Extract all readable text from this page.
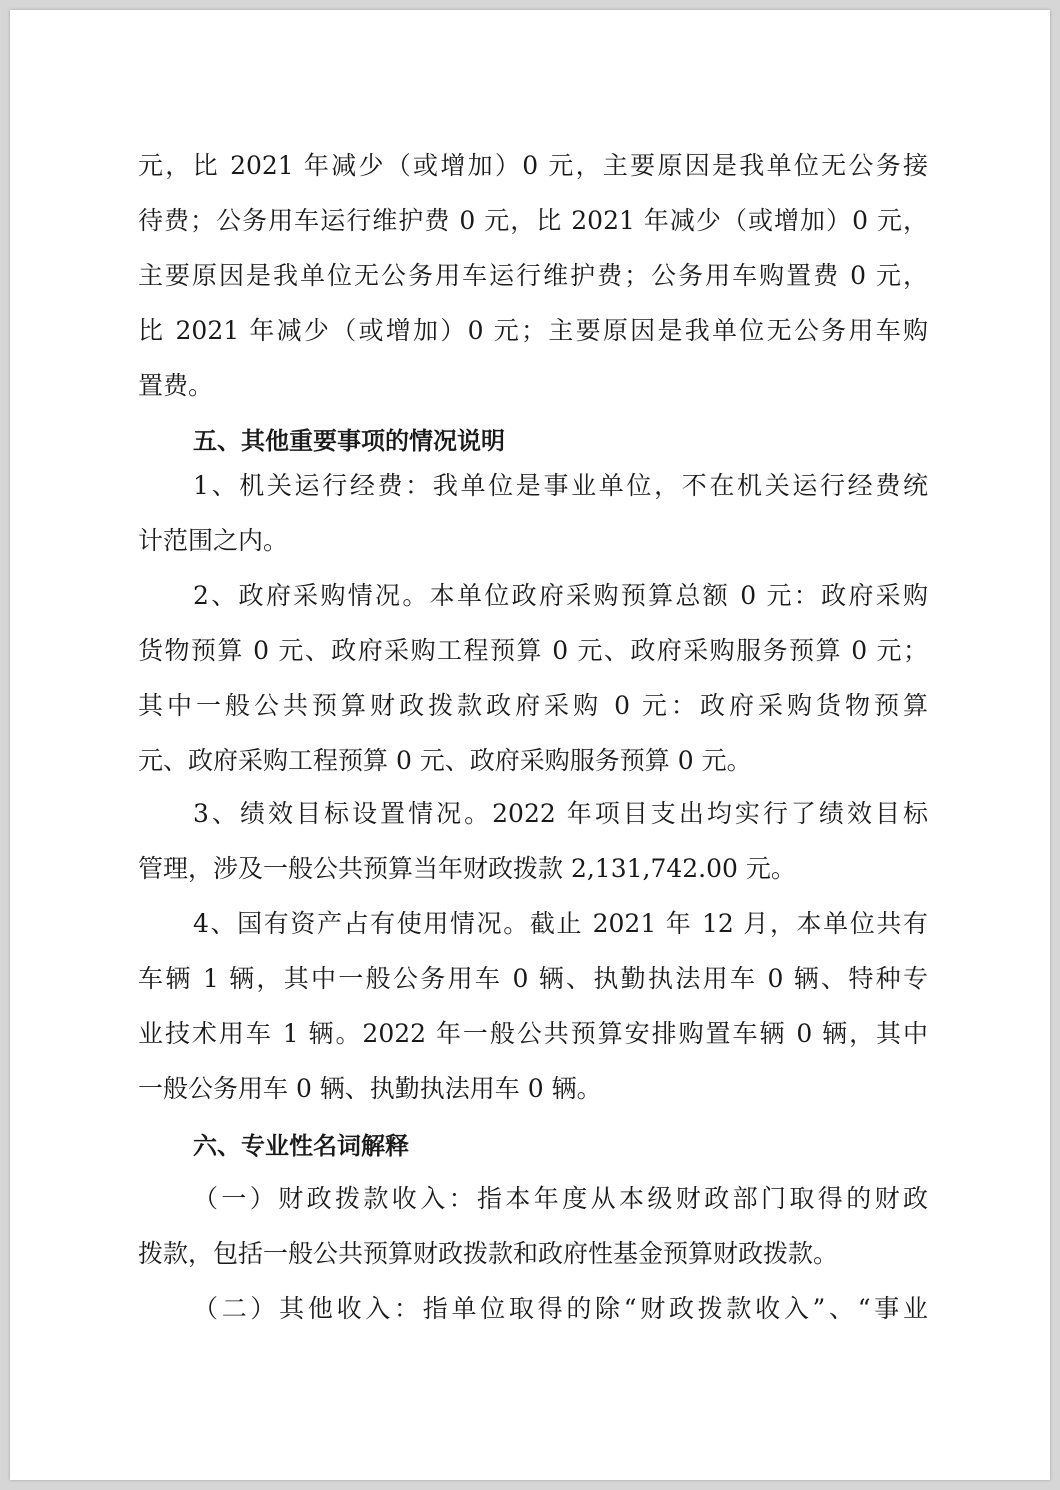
元，比 2021 年减少（或增加）0 元，主要原因是我单位无公务接
待费；公务用车运行维护费 0 元，比 2021 年减少（或增加）0 元，
主要原因是我单位无公务用车运行维护费；公务用车购置费 0 元，
比 2021 年减少（或增加）0 元；主要原因是我单位无公务用车购
置费。
五、其他重要事项的情况说明
1、机关运行经费：我单位是事业单位，不在机关运行经费统
计范围之内。
2、政府采购情况。本单位政府采购预算总额 0 元：政府采购
货物预算 0 元、政府采购工程预算 0 元、政府采购服务预算 0 元；
其中一般公共预算财政拨款政府采购 0 元：政府采购货物预算
元、政府采购工程预算 0 元、政府采购服务预算 0 元。
3、绩效目标设置情况。2022 年项目支出均实行了绩效目标
管理，涉及一般公共预算当年财政拨款 2,131,742.00 元。
4、国有资产占有使用情况。截止 2021 年 12 月，本单位共有
车辆 1 辆，其中一般公务用车 0 辆、执勤执法用车 0 辆、特种专
业技术用车 1 辆。2022 年一般公共预算安排购置车辆 0 辆，其中
一般公务用车 0 辆、执勤执法用车 0 辆。
六、专业性名词解释
（一）财政拨款收入：指本年度从本级财政部门取得的财政
拨款，包括一般公共预算财政拨款和政府性基金预算财政拨款。
（二）其他收入：指单位取得的除“财政拨款收入”、“事业
